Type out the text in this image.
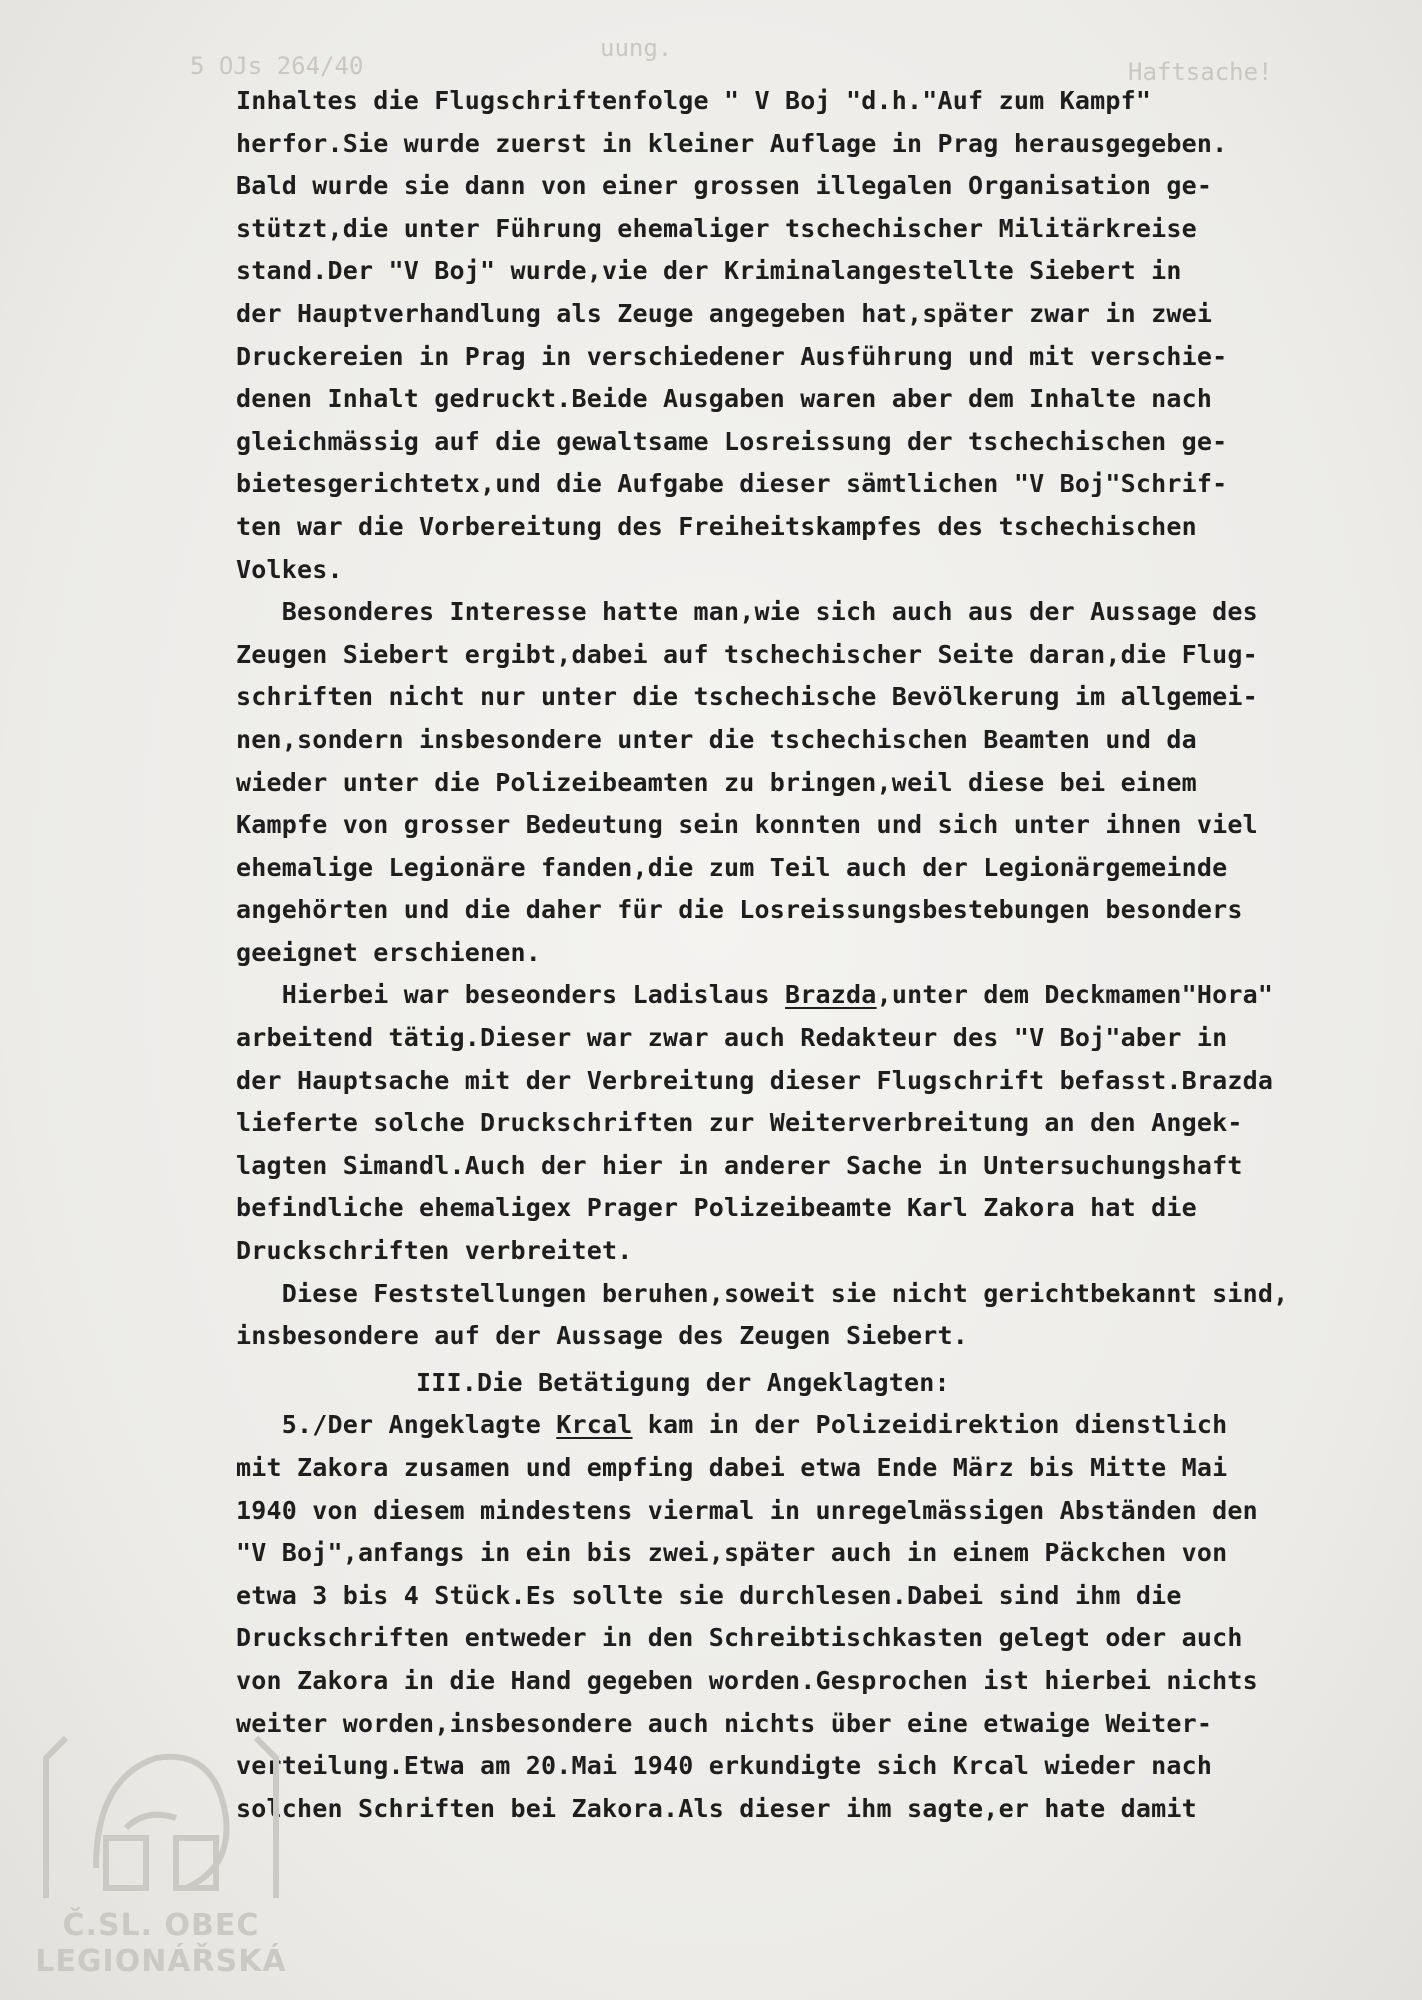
5 OJs 264/40
uung.
Haftsache!
Inhaltes die Flugschriftenfolge " V Boj "d.h."Auf zum Kampf"
herfor.Sie wurde zuerst in kleiner Auflage in Prag herausgegeben.
Bald wurde sie dann von einer grossen illegalen Organisation ge-
stützt,die unter Führung ehemaliger tschechischer Militärkreise
stand.Der "V Boj" wurde,vie der Kriminalangestellte Siebert in
der Hauptverhandlung als Zeuge angegeben hat,später zwar in zwei
Druckereien in Prag in verschiedener Ausführung und mit verschie-
denen Inhalt gedruckt.Beide Ausgaben waren aber dem Inhalte nach
gleichmässig auf die gewaltsame Losreissung der tschechischen ge-
bietesgerichtetx,und die Aufgabe dieser sämtlichen "V Boj"Schrif-
ten war die Vorbereitung des Freiheitskampfes des tschechischen
Volkes.
Besonderes Interesse hatte man,wie sich auch aus der Aussage des
Zeugen Siebert ergibt,dabei auf tschechischer Seite daran,die Flug-
schriften nicht nur unter die tschechische Bevölkerung im allgemei-
nen,sondern insbesondere unter die tschechischen Beamten und da
wieder unter die Polizeibeamten zu bringen,weil diese bei einem
Kampfe von grosser Bedeutung sein konnten und sich unter ihnen viel
ehemalige Legionäre fanden,die zum Teil auch der Legionärgemeinde
angehörten und die daher für die Losreissungsbestebungen besonders
geeignet erschienen.
Hierbei war beseonders Ladislaus Brazda,unter dem Deckmamen"Hora"
arbeitend tätig.Dieser war zwar auch Redakteur des "V Boj"aber in
der Hauptsache mit der Verbreitung dieser Flugschrift befasst.Brazda
lieferte solche Druckschriften zur Weiterverbreitung an den Angek-
lagten Simandl.Auch der hier in anderer Sache in Untersuchungshaft
befindliche ehemaligex Prager Polizeibeamte Karl Zakora hat die
Druckschriften verbreitet.
Diese Feststellungen beruhen,soweit sie nicht gerichtbekannt sind,
insbesondere auf der Aussage des Zeugen Siebert.
III.Die Betätigung der Angeklagten:
5./Der Angeklagte Krcal kam in der Polizeidirektion dienstlich
mit Zakora zusamen und empfing dabei etwa Ende März bis Mitte Mai
1940 von diesem mindestens viermal in unregelmässigen Abständen den
"V Boj",anfangs in ein bis zwei,später auch in einem Päckchen von
etwa 3 bis 4 Stück.Es sollte sie durchlesen.Dabei sind ihm die
Druckschriften entweder in den Schreibtischkasten gelegt oder auch
von Zakora in die Hand gegeben worden.Gesprochen ist hierbei nichts
weiter worden,insbesondere auch nichts über eine etwaige Weiter-
verteilung.Etwa am 20.Mai 1940 erkundigte sich Krcal wieder nach
solchen Schriften bei Zakora.Als dieser ihm sagte,er hate damit
Č.SL. OBEC
LEGIONÁŘSKÁ
